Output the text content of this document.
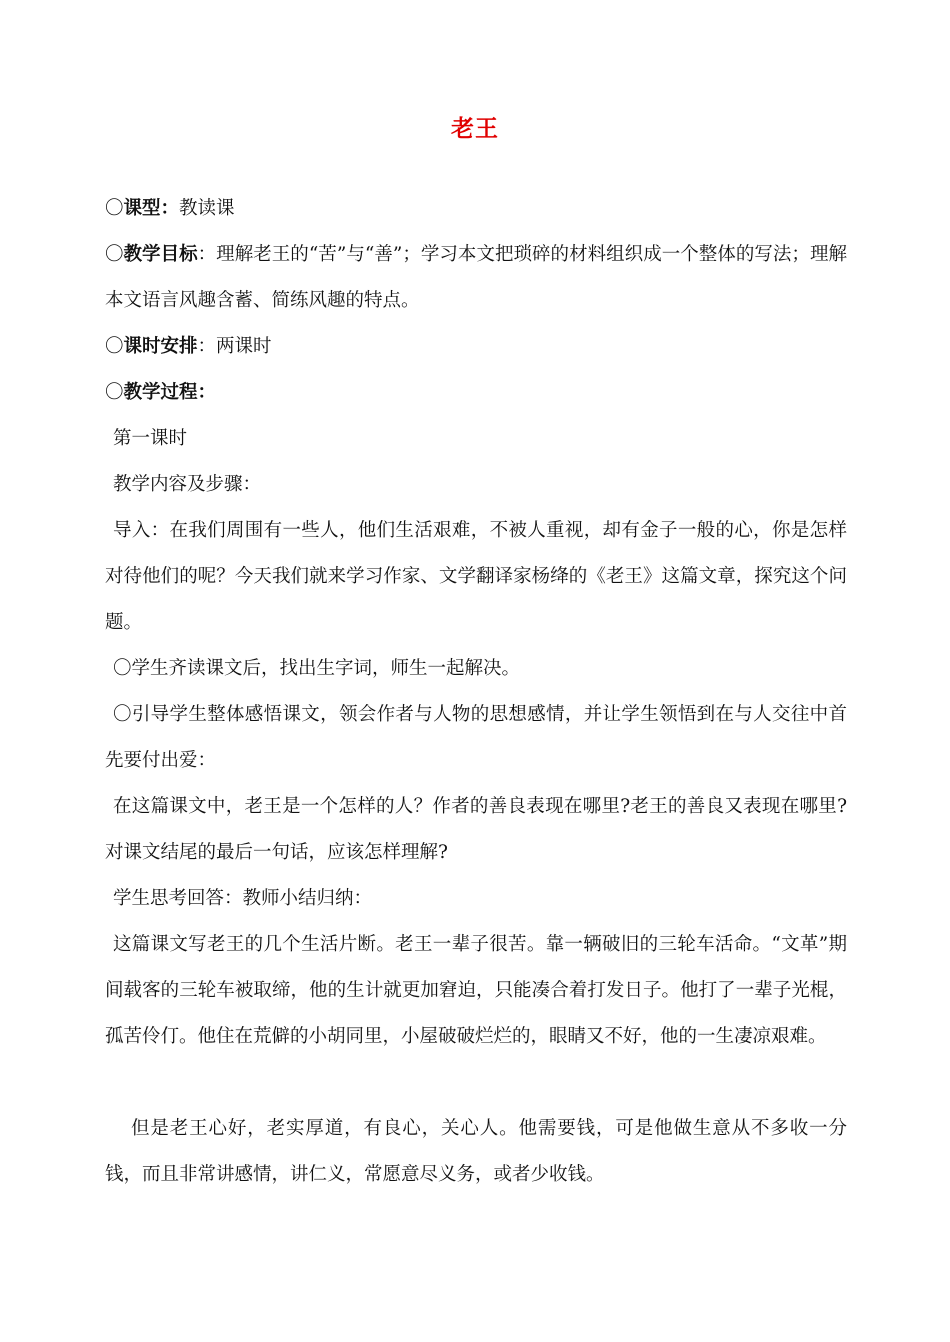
老王

〇课型：教读课

〇教学目标：理解老王的“苦”与“善”；学习本文把琐碎的材料组织成一个整体的写法；理解本文语言风趣含蓄、简练风趣的特点。

〇课时安排：两课时

〇教学过程：

第一课时

教学内容及步骤：

导入：在我们周围有一些人，他们生活艰难，不被人重视，却有金子一般的心，你是怎样对待他们的呢？今天我们就来学习作家、文学翻译家杨绛的《老王》这篇文章，探究这个问题。

〇学生齐读课文后，找出生字词，师生一起解决。

〇引导学生整体感悟课文，领会作者与人物的思想感情，并让学生领悟到在与人交往中首先要付出爱：

在这篇课文中，老王是一个怎样的人？作者的善良表现在哪里?老王的善良又表现在哪里?对课文结尾的最后一句话，应该怎样理解?

学生思考回答：教师小结归纳：

这篇课文写老王的几个生活片断。老王一辈子很苦。靠一辆破旧的三轮车活命。“文革”期间载客的三轮车被取缔，他的生计就更加窘迫，只能凑合着打发日子。他打了一辈子光棍，孤苦伶仃。他住在荒僻的小胡同里，小屋破破烂烂的，眼睛又不好，他的一生凄凉艰难。

但是老王心好，老实厚道，有良心，关心人。他需要钱，可是他做生意从不多收一分钱，而且非常讲感情，讲仁义，常愿意尽义务，或者少收钱。
